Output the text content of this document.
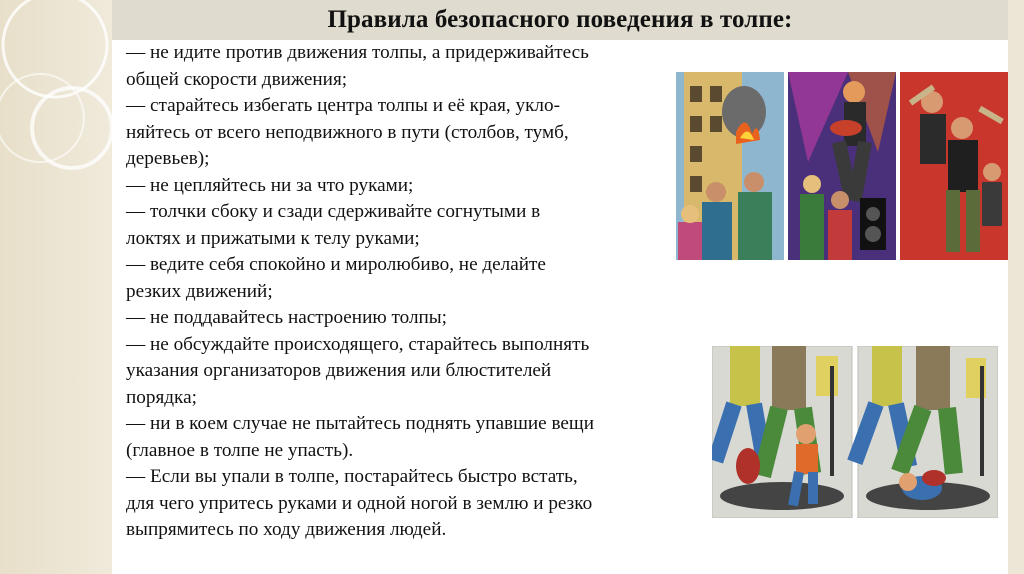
Правила безопасного поведения в толпе:
— не идите против движения толпы, а придерживайтесь
общей скорости движения;
— старайтесь избегать центра толпы и её края, укло-
няйтесь от всего неподвижного в пути (столбов, тумб,
деревьев);
— не цепляйтесь ни за что руками;
— толчки сбоку и сзади сдерживайте согнутыми в
локтях и прижатыми к телу руками;
— ведите себя спокойно и миролюбиво, не делайте
резких движений;
— не поддавайтесь настроению толпы;
— не обсуждайте происходящего, старайтесь выполнять
указания организаторов движения или блюстителей
порядка;
— ни в коем случае не пытайтесь поднять упавшие вещи
(главное в толпе не упасть).
— Если вы упали в толпе, постарайтесь быстро встать,
для чего упритесь руками и одной ногой в землю и резко
выпрямитесь по ходу движения людей.
